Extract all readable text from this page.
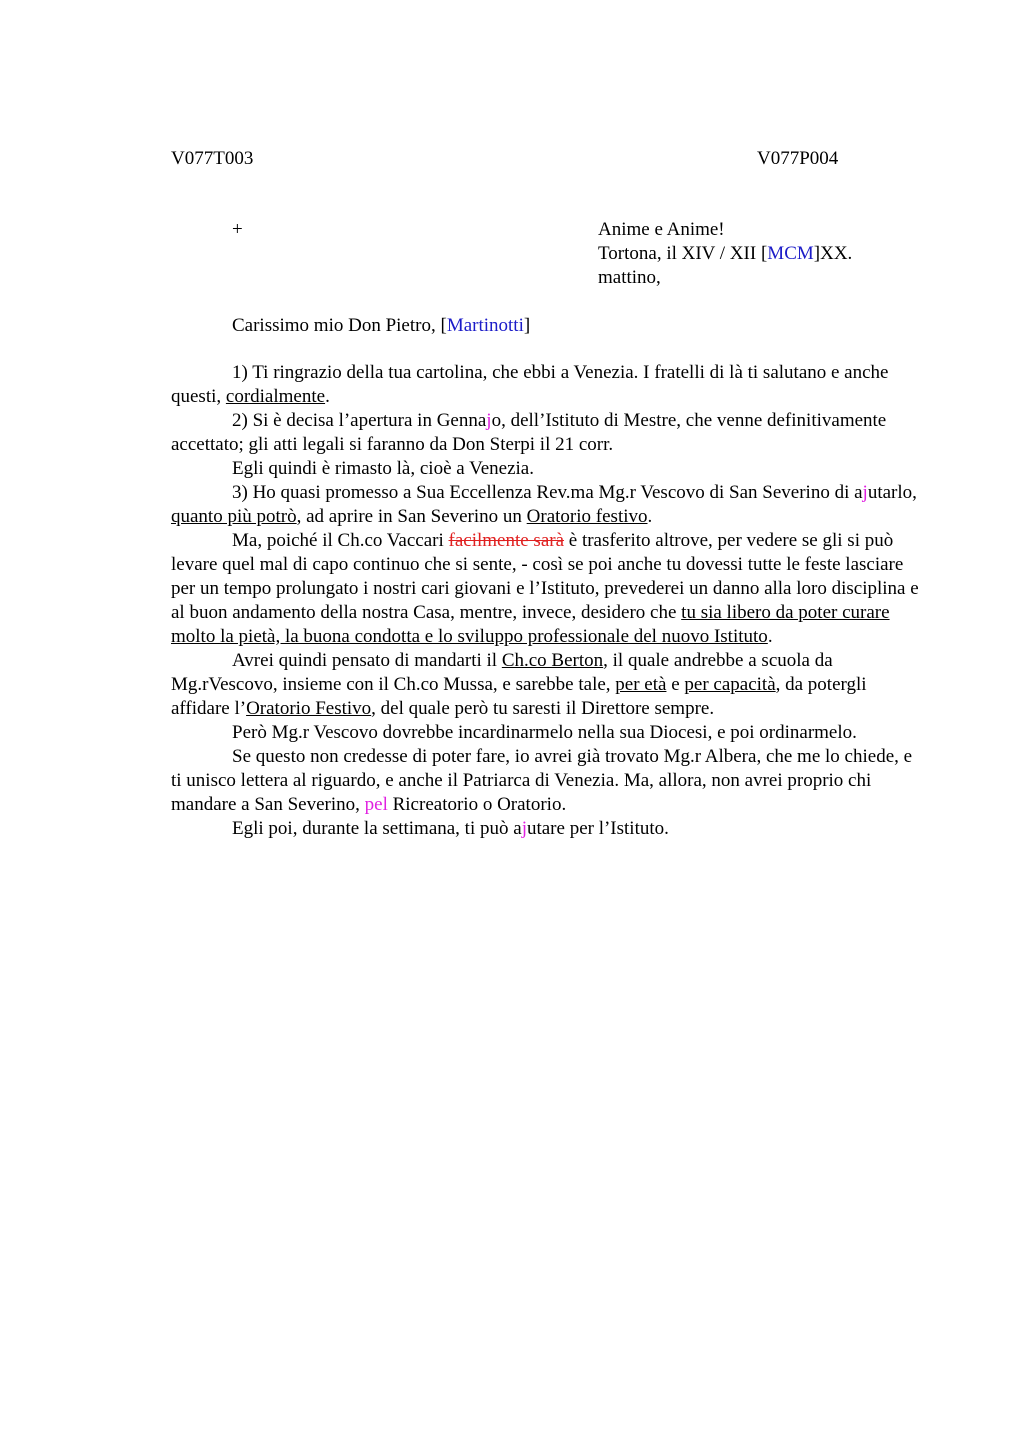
V077T003	V077P004
+	Anime e Anime!
Tortona, il XIV / XII [MCM]XX.
mattino,
Carissimo mio Don Pietro, [Martinotti]

1) Ti ringrazio della tua cartolina, che ebbi a Venezia. I fratelli di là ti salutano e anche questi, cordialmente.

2) Si è decisa l’apertura in Gennajo, dell’Istituto di Mestre, che venne definitivamente accettato; gli atti legali si faranno da Don Sterpi il 21 corr.

Egli quindi è rimasto là, cioè a Venezia.

3) Ho quasi promesso a Sua Eccellenza Rev.ma Mg.r Vescovo di San Severino di ajutarlo, quanto più potrò, ad aprire in San Severino un Oratorio festivo.

Ma, poiché il Ch.co Vaccari facilmente sarà è trasferito altrove, per vedere se gli si può levare quel mal di capo continuo che si sente, - così se poi anche tu dovessi tutte le feste lasciare per un tempo prolungato i nostri cari giovani e l’Istituto, prevederei un danno alla loro disciplina e al buon andamento della nostra Casa, mentre, invece, desidero che tu sia libero da poter curare molto la pietà, la buona condotta e lo sviluppo professionale del nuovo Istituto.

Avrei quindi pensato di mandarti il Ch.co Berton, il quale andrebbe a scuola da Mg.rVescovo, insieme con il Ch.co Mussa, e sarebbe tale, per età e per capacità, da potergli affidare l’Oratorio Festivo, del quale però tu saresti il Direttore sempre.

Però Mg.r Vescovo dovrebbe incardinarmelo nella sua Diocesi, e poi ordinarmelo.

Se questo non credesse di poter fare, io avrei già trovato Mg.r Albera, che me lo chiede, e ti unisco lettera al riguardo, e anche il Patriarca di Venezia. Ma, allora, non avrei proprio chi mandare a San Severino, pel Ricreatorio o Oratorio.

Egli poi, durante la settimana, ti può ajutare per l’Istituto.
